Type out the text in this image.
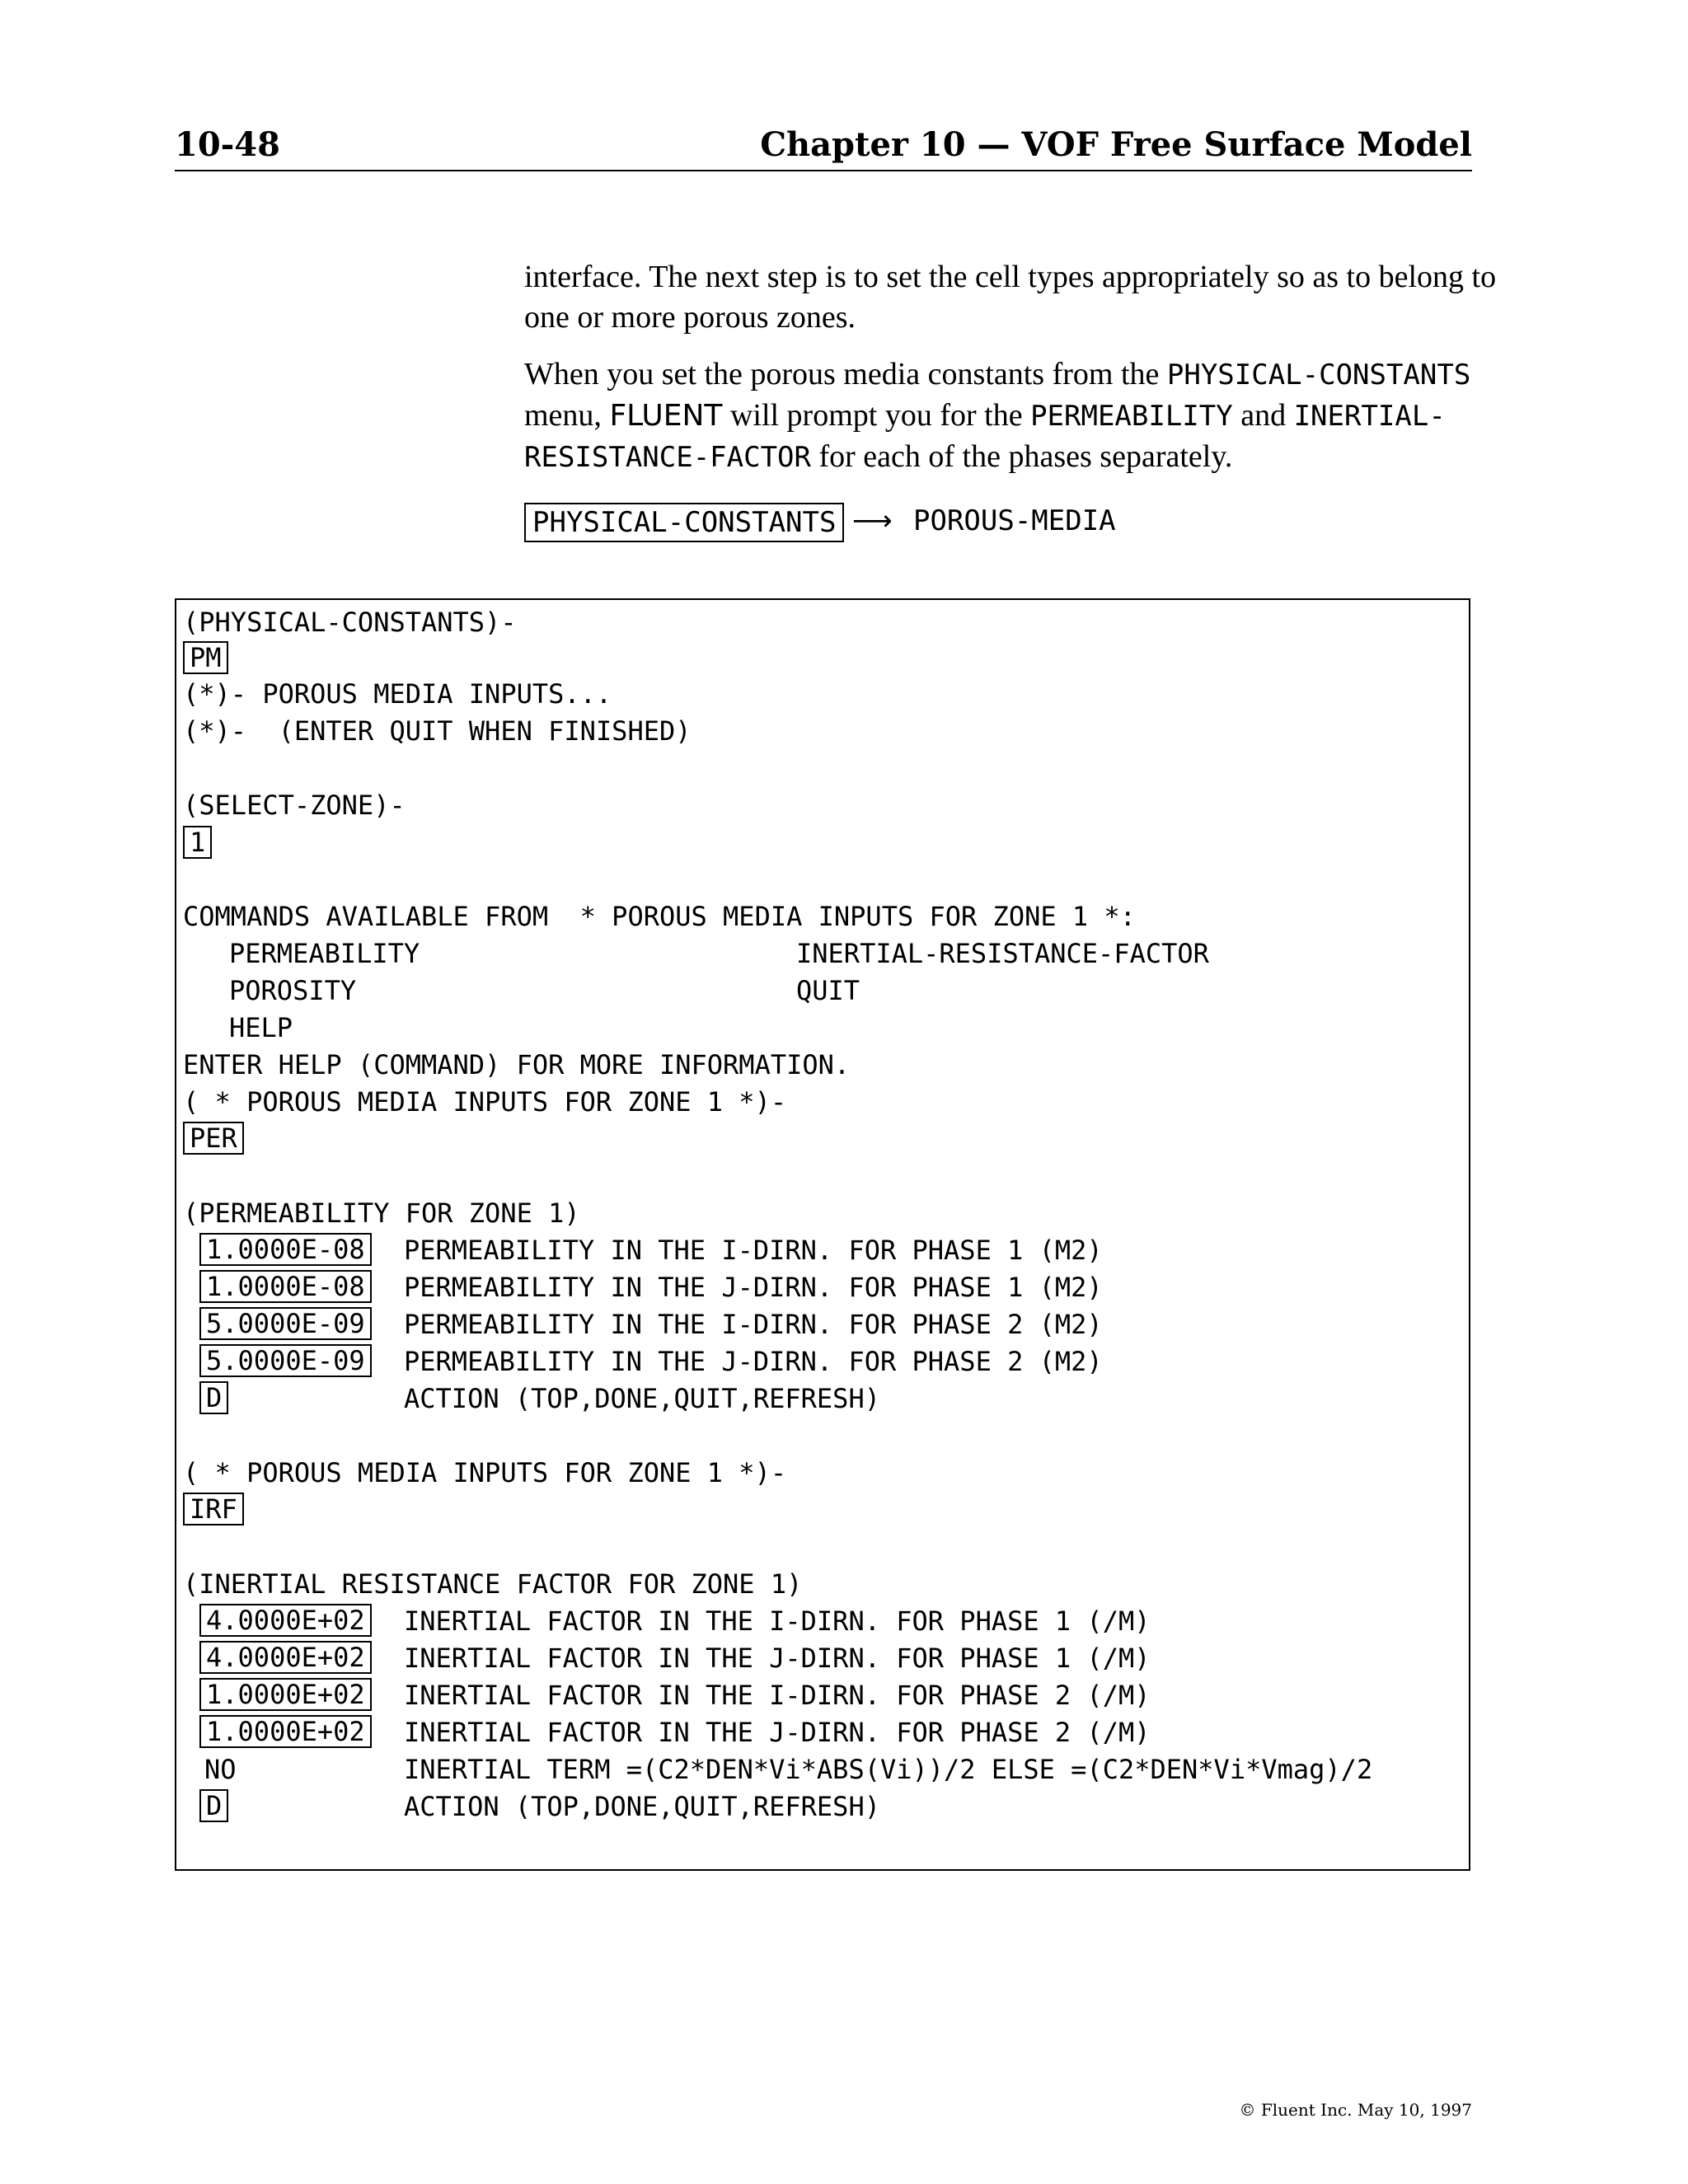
10-48	Chapter 10 — VOF Free Surface Model

interface. The next step is to set the cell types appropriately so as to belong to one or more porous zones.

When you set the porous media constants from the PHYSICAL-CONSTANTS menu, FLUENT will prompt you for the PERMEABILITY and INERTIAL-RESISTANCE-FACTOR for each of the phases separately.

PHYSICAL-CONSTANTS ⟶ POROUS-MEDIA
(PHYSICAL-CONSTANTS)-
PM
(*)- POROUS MEDIA INPUTS...
(*)-  (ENTER QUIT WHEN FINISHED)
(SELECT-ZONE)-
1
COMMANDS AVAILABLE FROM  * POROUS MEDIA INPUTS FOR ZONE 1 *:
PERMEABILITY	INERTIAL-RESISTANCE-FACTOR
POROSITY	QUIT
HELP
ENTER HELP (COMMAND) FOR MORE INFORMATION.
( * POROUS MEDIA INPUTS FOR ZONE 1 *)-
PER
(PERMEABILITY FOR ZONE 1)
1.0000E-08 PERMEABILITY IN THE I-DIRN. FOR PHASE 1 (M2)
1.0000E-08 PERMEABILITY IN THE J-DIRN. FOR PHASE 1 (M2)
5.0000E-09 PERMEABILITY IN THE I-DIRN. FOR PHASE 2 (M2)
5.0000E-09 PERMEABILITY IN THE J-DIRN. FOR PHASE 2 (M2)
D	ACTION (TOP,DONE,QUIT,REFRESH)
( * POROUS MEDIA INPUTS FOR ZONE 1 *)-
IRF
(INERTIAL RESISTANCE FACTOR FOR ZONE 1)
4.0000E+02 INERTIAL FACTOR IN THE I-DIRN. FOR PHASE 1 (/M)
4.0000E+02 INERTIAL FACTOR IN THE J-DIRN. FOR PHASE 1 (/M)
1.0000E+02 INERTIAL FACTOR IN THE I-DIRN. FOR PHASE 2 (/M)
1.0000E+02 INERTIAL FACTOR IN THE J-DIRN. FOR PHASE 2 (/M)
NO	INERTIAL TERM =(C2*DEN*Vi*ABS(Vi))/2 ELSE =(C2*DEN*Vi*Vmag)/2
D	ACTION (TOP,DONE,QUIT,REFRESH)
© Fluent Inc. May 10, 1997
